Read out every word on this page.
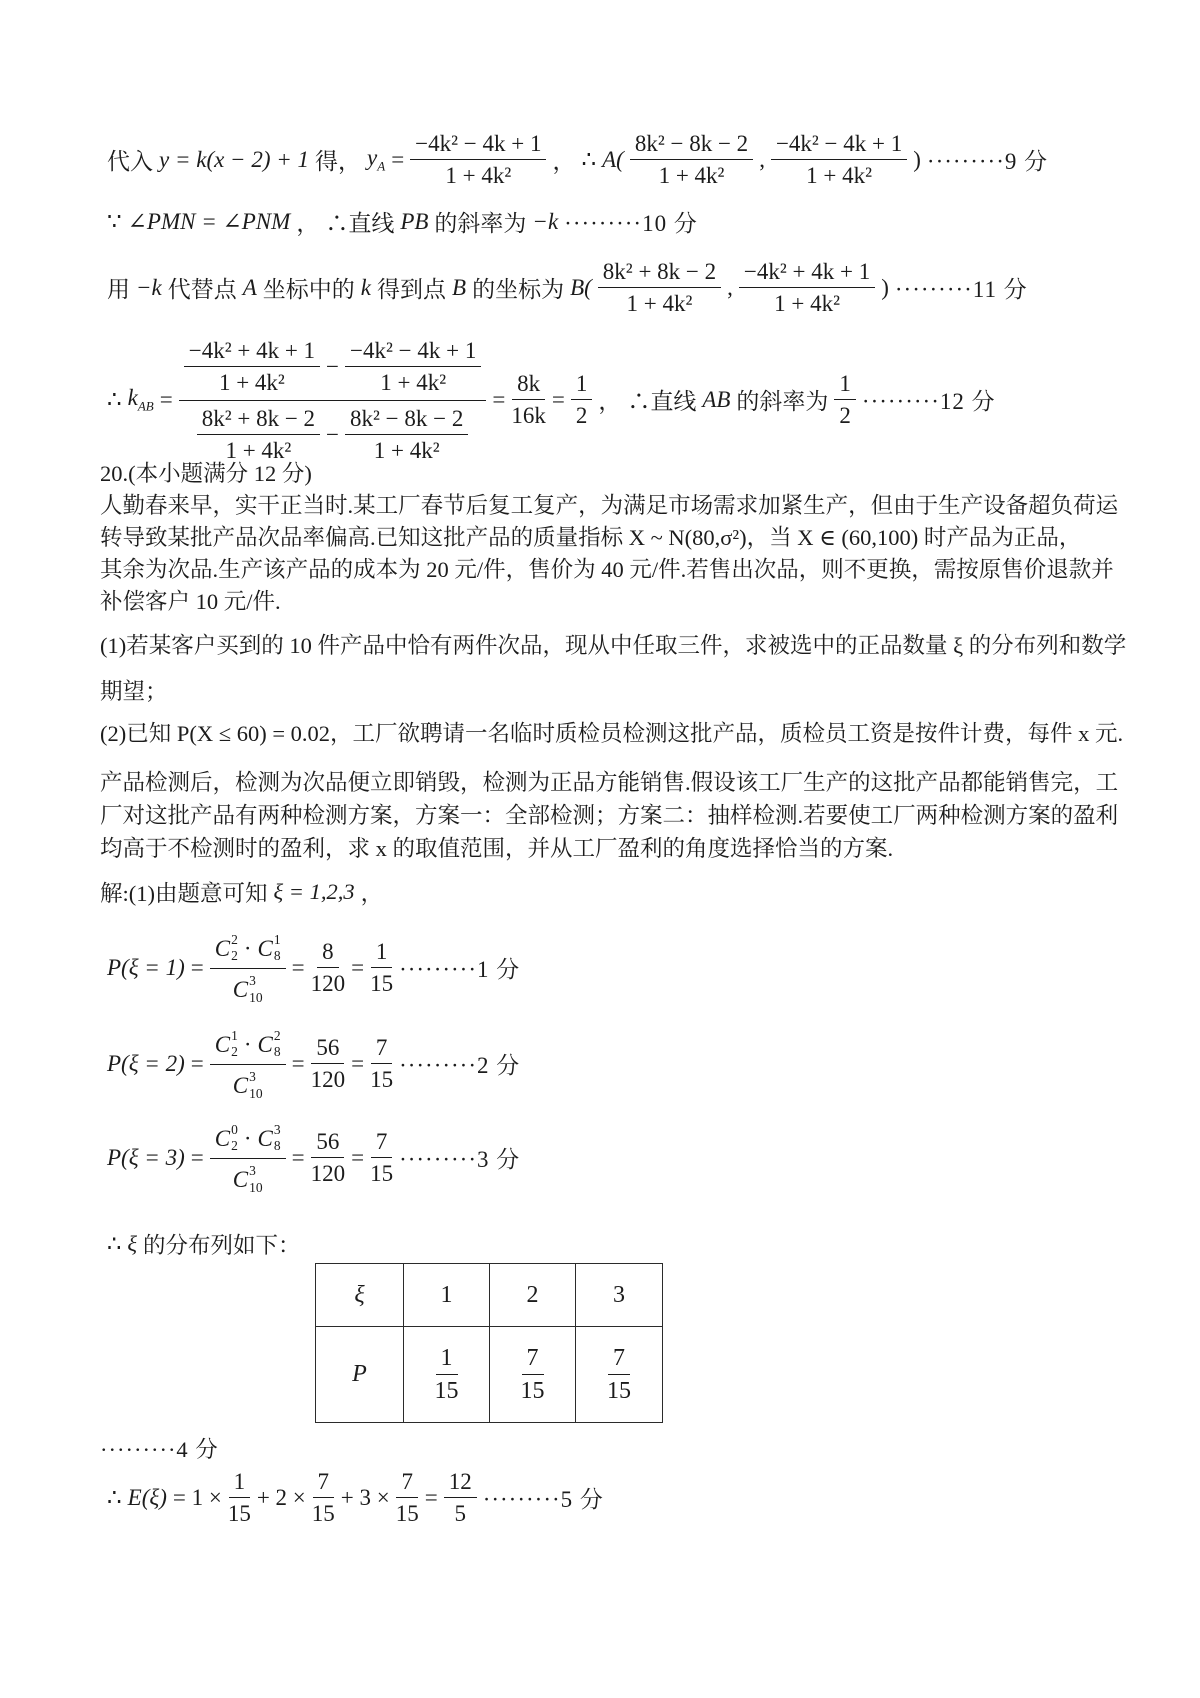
代入 y = k(x − 2) + 1 得， $y_A = \frac{\text{−4k² − 4k + 1}}{\text{1 + 4k²}}$ ， ∴ $A( \frac{\text{8k² − 8k − 2}}{\text{1 + 4k²}}$ , $\frac{\text{−4k² − 4k + 1}}{\text{1 + 4k²}}$ ) ·········9 分
∵ ∠PMN = ∠PNM ， ∴直线 PB 的斜率为 −k ·········10 分
用 −k 代替点 A 坐标中的 k 得到点 B 的坐标为 $B( \frac{\text{8k² + 8k − 2}}{\text{1 + 4k²}}$ , $\frac{\text{−4k² + 4k + 1}}{\text{1 + 4k²}}$ ) ·········11 分
∴ $k_{AB} = \frac{\frac{\text{−4k² + 4k + 1}}{\text{1 + 4k²}} - \frac{\text{−4k² − 4k + 1}}{\text{1 + 4k²}}}{\frac{\text{8k² + 8k − 2}}{\text{1 + 4k²}} - \frac{\text{8k² − 8k − 2}}{\text{1 + 4k²}}} = \frac{8k}{16k} = \frac{1}{2}$ ， ∴直线 AB 的斜率为 $\frac{1}{2} \cdot\cdot\cdot\cdot\cdot\cdot\cdot\cdot\cdot 12$ 分
20.(本小题满分 12 分)
人勤春来早，实干正当时.某工厂春节后复工复产，为满足市场需求加紧生产，但由于生产设备超负荷运
转导致某批产品次品率偏高.已知这批产品的质量指标 X ~ N(80,σ²)，当 X ∈ (60,100) 时产品为正品，
其余为次品.生产该产品的成本为 20 元/件，售价为 40 元/件.若售出次品，则不更换，需按原售价退款并
补偿客户 10 元/件.
(1)若某客户买到的 10 件产品中恰有两件次品，现从中任取三件，求被选中的正品数量 ξ 的分布列和数学
期望；
(2)已知 P(X ≤ 60) = 0.02，工厂欲聘请一名临时质检员检测这批产品，质检员工资是按件计费，每件 x 元.
产品检测后，检测为次品便立即销毁，检测为正品方能销售.假设该工厂生产的这批产品都能销售完，工
厂对这批产品有两种检测方案，方案一：全部检测；方案二：抽样检测.若要使工厂两种检测方案的盈利
均高于不检测时的盈利，求 x 的取值范围，并从工厂盈利的角度选择恰当的方案.
解:(1)由题意可知 ξ = 1,2,3 ，
P(ξ = 1) = C 2
2 · C 1
8
C 3
$10 = \frac{8}{120} = \frac{1}{15} \cdot\cdot\cdot\cdot\cdot\cdot\cdot\cdot\cdot 1$ 分
P(ξ = 2) = C 1
2 · C 2
8
C 3
$10 = \frac{56}{120} = \frac{7}{15} \cdot\cdot\cdot\cdot\cdot\cdot\cdot\cdot\cdot 2$ 分
P(ξ = 3) = C 0
2 · C 3
8
C 3
$10 = \frac{56}{120} = \frac{7}{15} \cdot\cdot\cdot\cdot\cdot\cdot\cdot\cdot\cdot 3$ 分
∴ ξ 的分布列如下：
ξ	1	2	3
P	$\frac{1}{15}$	$\frac{7}{15}$	$\frac{7}{15}$
·········4 分
∴ $E(\xi) = 1 \times \frac{1}{15} + 2 \times \frac{7}{15} + 3 \times \frac{7}{15} = \frac{12}{5} \cdot\cdot\cdot\cdot\cdot\cdot\cdot\cdot\cdot 5$ 分
